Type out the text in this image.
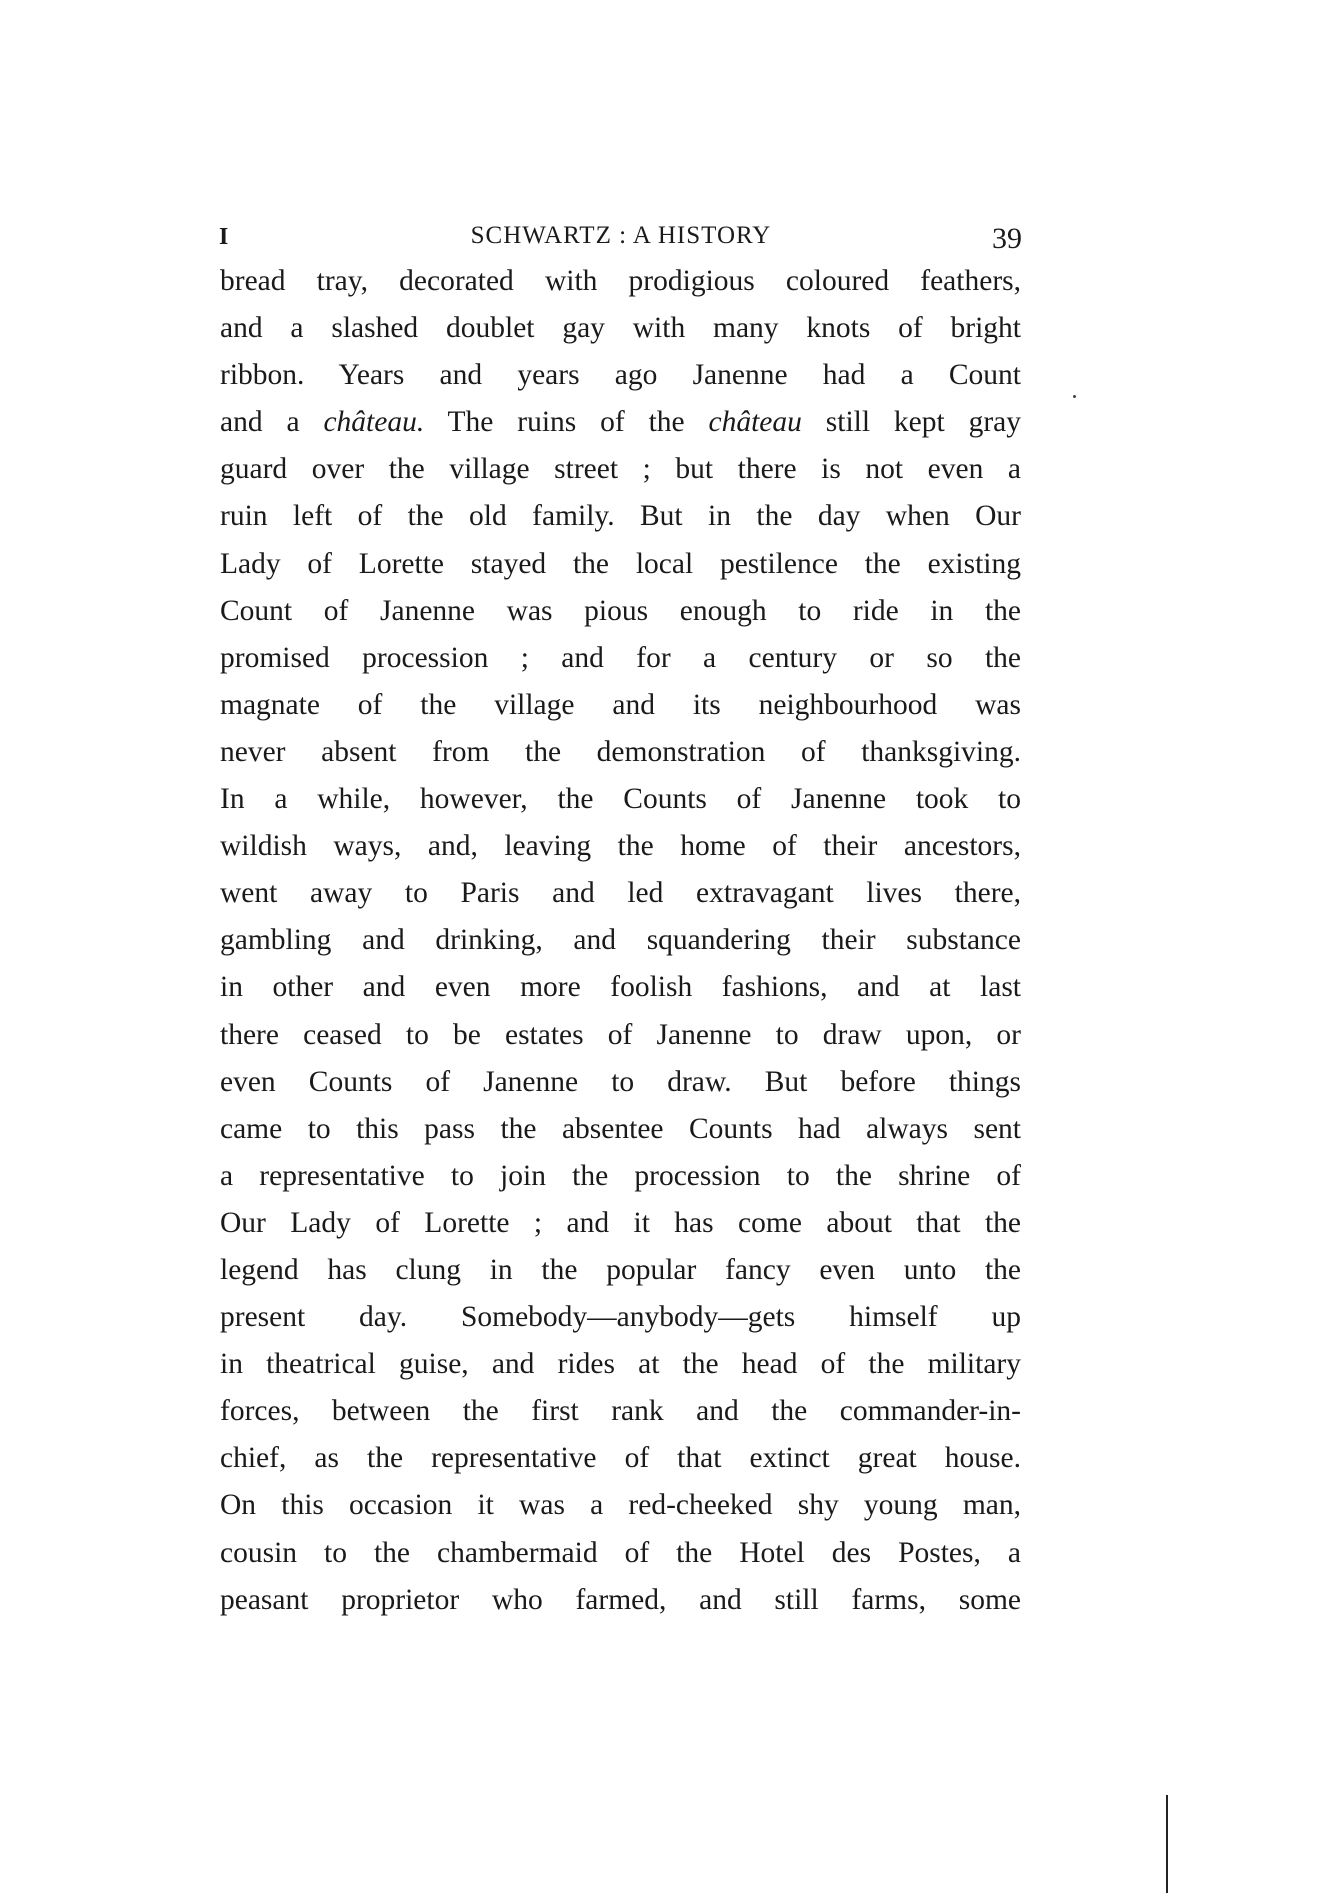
I	SCHWARTZ : A HISTORY	39
bread tray, decorated with prodigious coloured feathers,
and a slashed doublet gay with many knots of bright
ribbon. Years and years ago Janenne had a Count
and a château. The ruins of the château still kept gray
guard over the village street ; but there is not even a
ruin left of the old family. But in the day when Our
Lady of Lorette stayed the local pestilence the existing
Count of Janenne was pious enough to ride in the
promised procession ; and for a century or so the
magnate of the village and its neighbourhood was
never absent from the demonstration of thanksgiving.
In a while, however, the Counts of Janenne took to
wildish ways, and, leaving the home of their ancestors,
went away to Paris and led extravagant lives there,
gambling and drinking, and squandering their substance
in other and even more foolish fashions, and at last
there ceased to be estates of Janenne to draw upon, or
even Counts of Janenne to draw. But before things
came to this pass the absentee Counts had always sent
a representative to join the procession to the shrine of
Our Lady of Lorette ; and it has come about that the
legend has clung in the popular fancy even unto the
present day. Somebody—anybody—gets himself up
in theatrical guise, and rides at the head of the military
forces, between the first rank and the commander-in-
chief, as the representative of that extinct great house.
On this occasion it was a red-cheeked shy young man,
cousin to the chambermaid of the Hotel des Postes, a
peasant proprietor who farmed, and still farms, some
